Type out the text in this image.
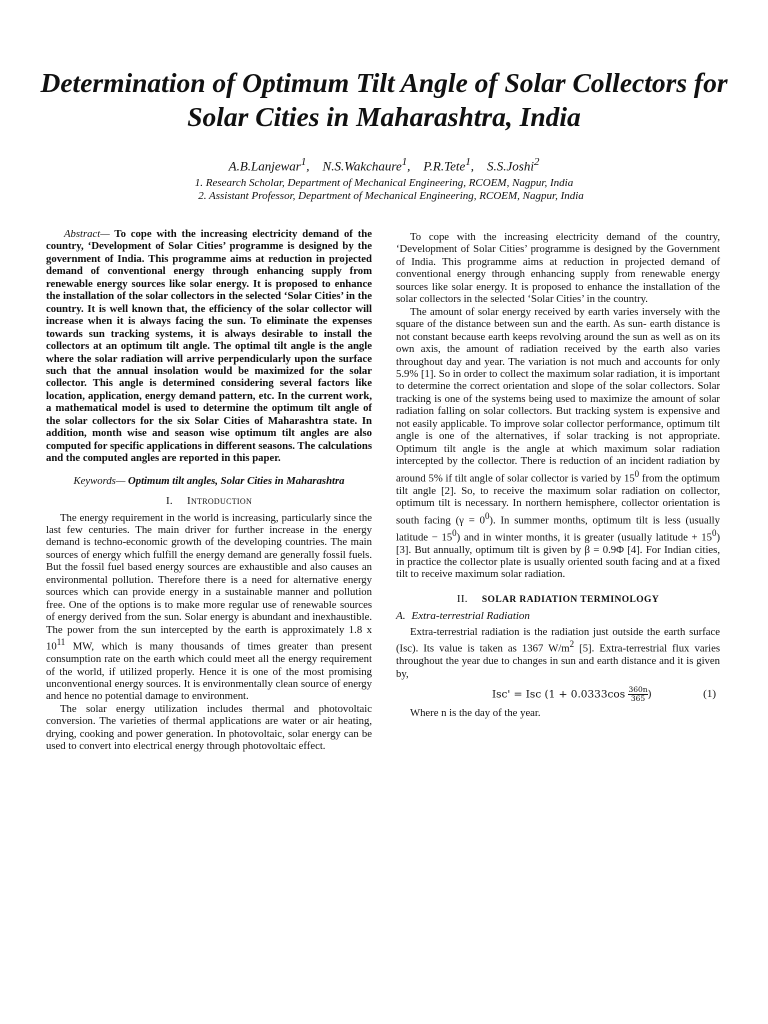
Determination of Optimum Tilt Angle of Solar Collectors for Solar Cities in Maharashtra, India
A.B.Lanjewar$^1$,    N.S.Wakchaure$^1$,    P.R.Tete$^1$,    S.S.Joshi$^2$
1. Research Scholar, Department of Mechanical Engineering, RCOEM, Nagpur, India
2. Assistant Professor, Department of Mechanical Engineering, RCOEM, Nagpur, India

Abstract— To cope with the increasing electricity demand of the country, ‘Development of Solar Cities’ programme is designed by the government of India. This programme aims at reduction in projected demand of conventional energy through enhancing supply from renewable energy sources like solar energy. It is proposed to enhance the installation of the solar collectors in the selected ‘Solar Cities’ in the country. It is well known that, the efficiency of the solar collector will increase when it is always facing the sun. To eliminate the expenses towards sun tracking systems, it is always desirable to install the collectors at an optimum tilt angle. The optimal tilt angle is the angle where the solar radiation will arrive perpendicularly upon the surface such that the annual insolation would be maximized for the solar collector. This angle is determined considering several factors like location, application, energy demand pattern, etc. In the current work, a mathematical model is used to determine the optimum tilt angle of the solar collectors for the six Solar Cities of Maharashtra state. In addition, month wise and season wise optimum tilt angles are also computed for specific applications in different seasons. The calculations and the computed angles are reported in this paper.

Keywords— Optimum tilt angles, Solar Cities in Maharashtra

I. Introduction

The energy requirement in the world is increasing, particularly since the last few centuries. The main driver for further increase in the energy demand is techno-economic growth of the developing countries. The main sources of energy which fulfill the energy demand are generally fossil fuels. But the fossil fuel based energy sources are exhaustible and also causes an environmental pollution. Therefore there is a need for alternative energy sources which can provide energy in a sustainable manner and pollution free. One of the options is to make more regular use of renewable sources of energy derived from the sun. Solar energy is abundant and inexhaustible. The power from the sun intercepted by the earth is approximately 1.8 x $10^{11}$ MW, which is many thousands of times greater than present consumption rate on the earth which could meet all the energy requirement of the world, if utilized properly. Hence it is one of the most promising unconventional energy sources. It is environmentally clean source of energy and hence no potential damage to environment.

The solar energy utilization includes thermal and photovoltaic conversion. The varieties of thermal applications are water or air heating, drying, cooking and power generation. In photovoltaic, solar energy can be used to convert into electrical energy through photovoltaic effect.

To cope with the increasing electricity demand of the country, ‘Development of Solar Cities’ programme is designed by the Government of India. This programme aims at reduction in projected demand of conventional energy through enhancing supply from renewable energy sources like solar energy. It is proposed to enhance the installation of the solar collectors in the selected ‘Solar Cities’ in the country.

The amount of solar energy received by earth varies inversely with the square of the distance between sun and the earth. As sun- earth distance is not constant because earth keeps revolving around the sun as well as on its own axis, the amount of radiation received by the earth also varies throughout day and year. The variation is not much and accounts for only 5.9% [1]. So in order to collect the maximum solar radiation, it is important to determine the correct orientation and slope of the solar collectors. Solar tracking is one of the systems being used to maximize the amount of solar radiation falling on solar collectors. But tracking system is expensive and not easily applicable. To improve solar collector performance, optimum tilt angle is one of the alternatives, if solar tracking is not appropriate. Optimum tilt angle is the angle at which maximum solar radiation intercepted by the collector. There is reduction of an incident radiation by around 5% if tilt angle of solar collector is varied by $15^0$ from the optimum tilt angle [2]. So, to receive the maximum solar radiation on collector, optimum tilt is necessary. In northern hemisphere, collector orientation is south facing $(\gamma = 0^0)$. In summer months, optimum tilt is less (usually latitude − $15^0$) and in winter months, it is greater (usually latitude + $15^0$) [3]. But annually, optimum tilt is given by β = 0.9Φ [4]. For Indian cities, in practice the collector plate is usually oriented south facing and at a fixed tilt to receive maximum solar radiation.

II. SOLAR RADIATION TERMINOLOGY
A. Extra-terrestrial Radiation

Extra-terrestrial radiation is the radiation just outside the earth surface (Isc). Its value is taken as 1367 $W/m^2$ [5]. Extra-terrestrial flux varies throughout the year due to changes in sun and earth distance and it is given by,

Isc' = Isc ($1 + 0.0333\cos \frac{360n}{365}$ )	(1)

Where n is the day of the year.
